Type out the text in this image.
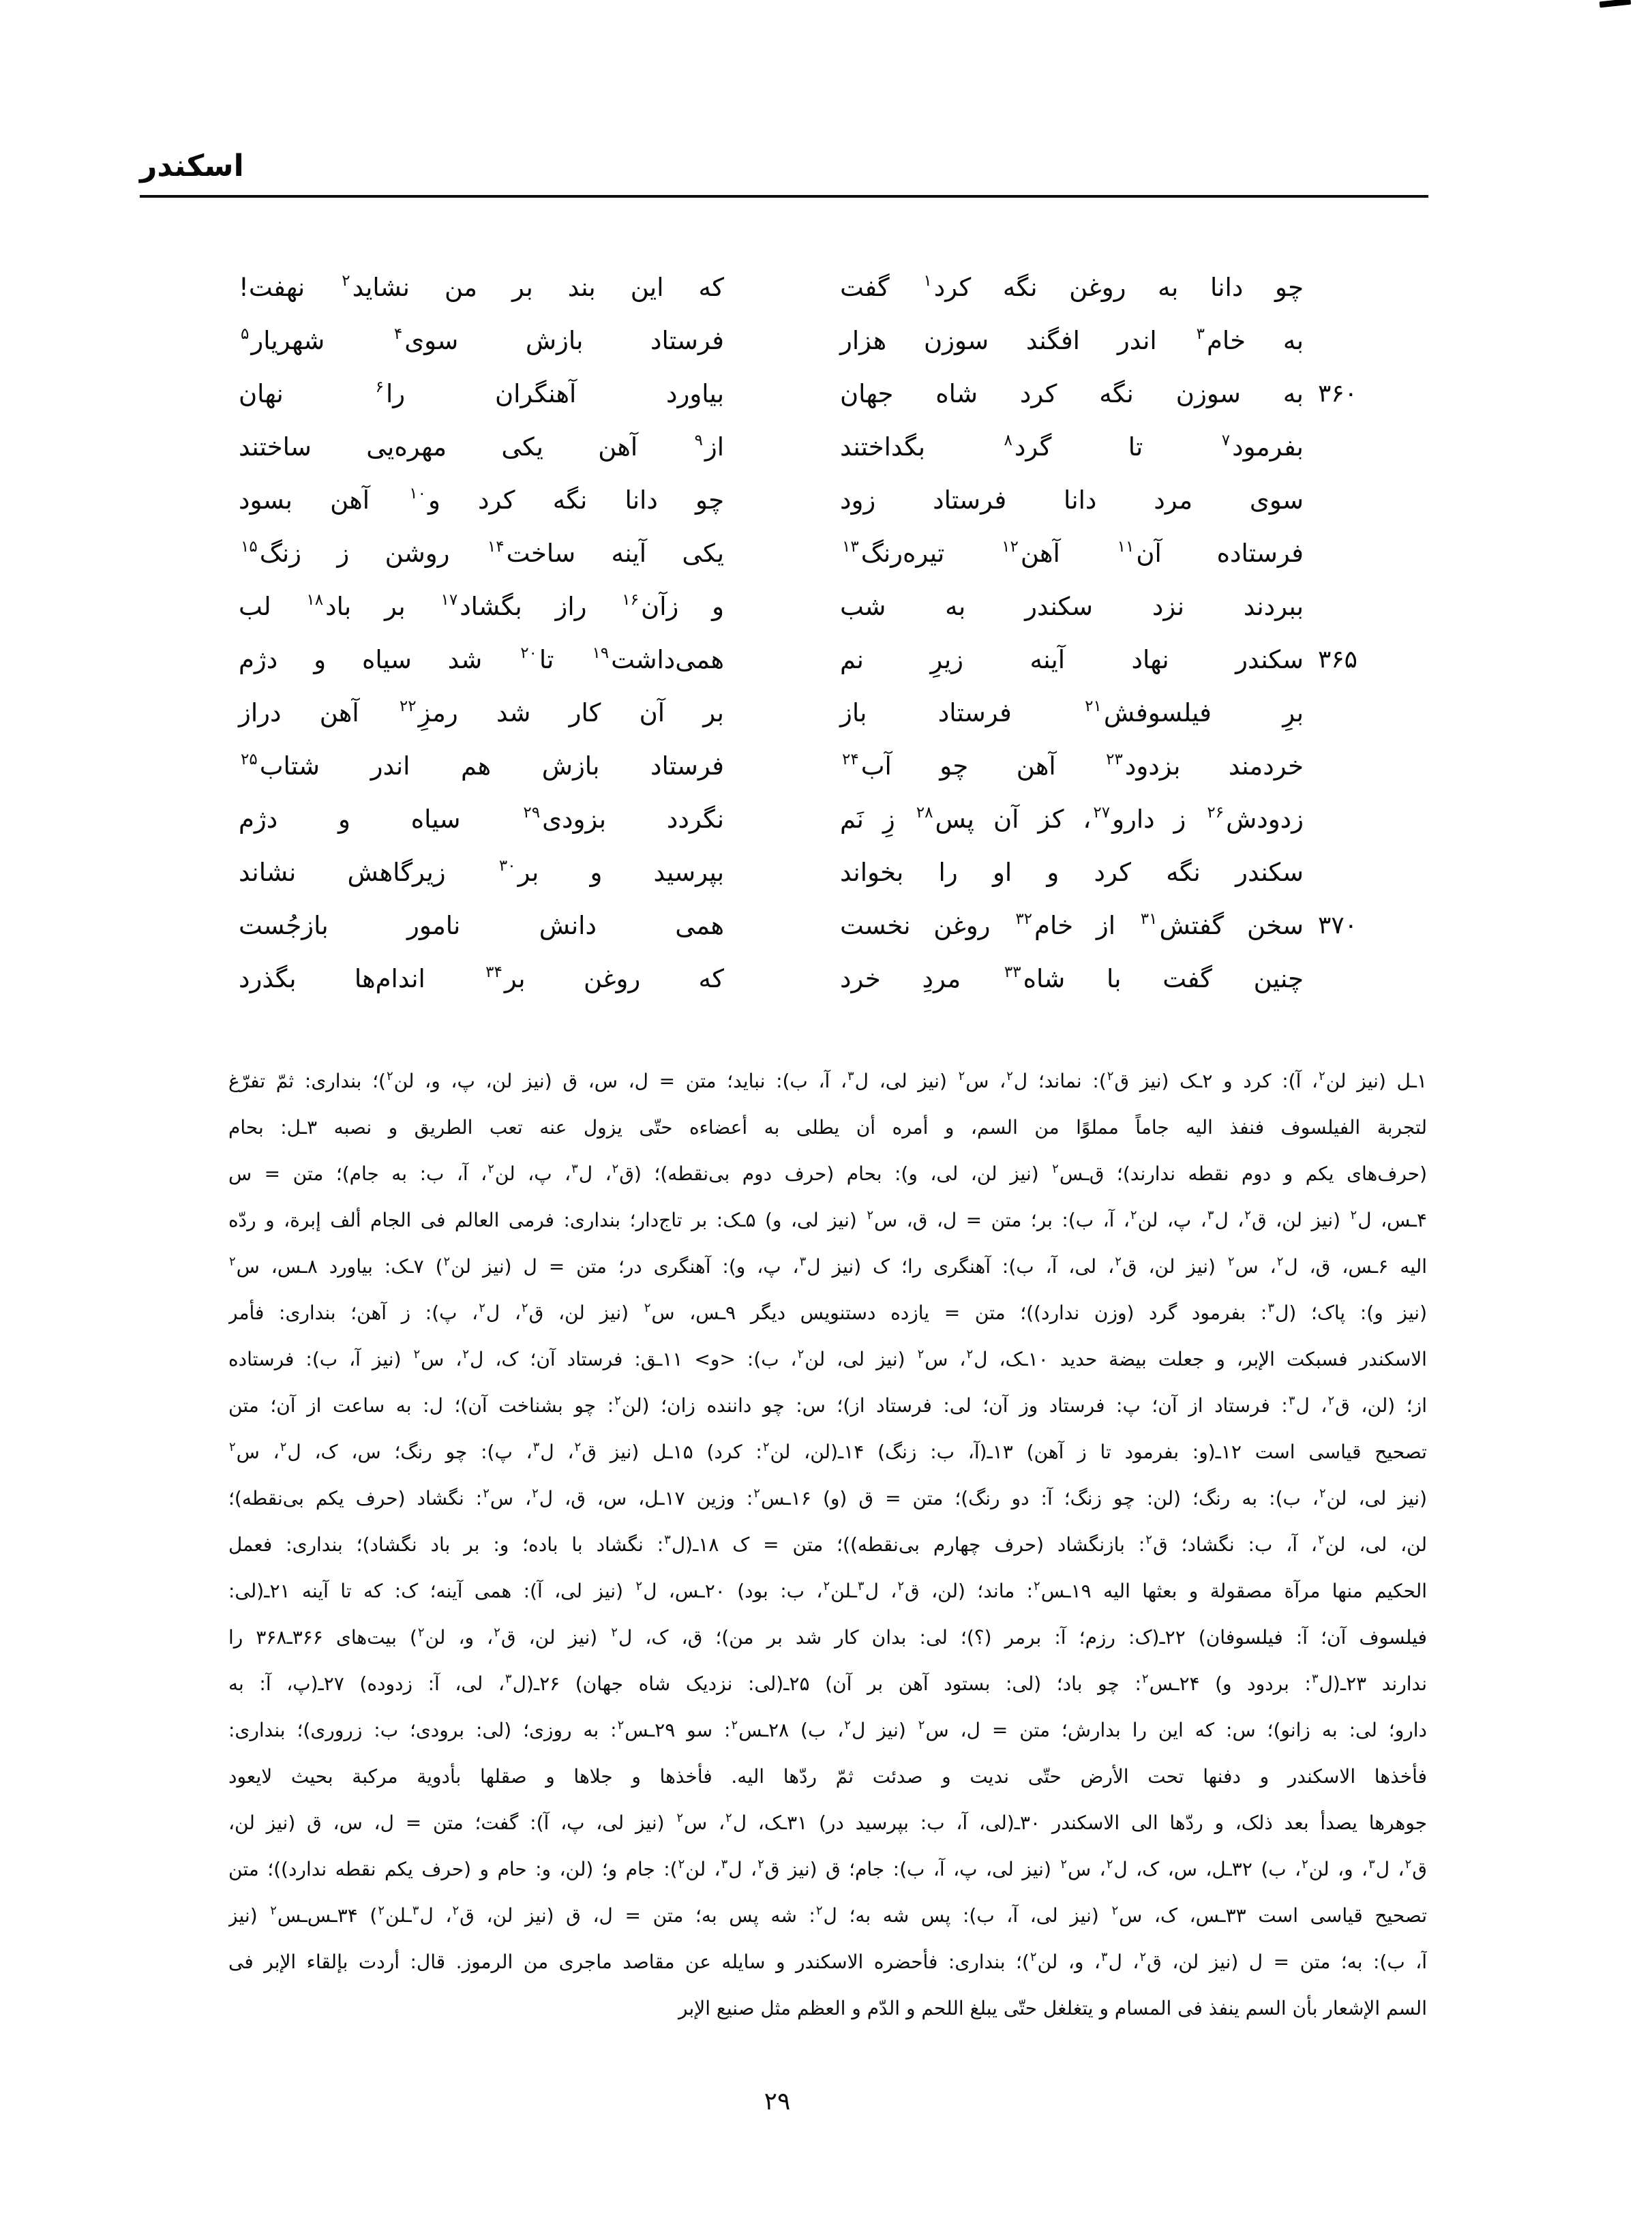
اسکندر
چو دانا به روغن نگه کرد$^۱$ گفت
که این بند بر من نشاید$^۲$ نهفت!
به خام$^۳$ اندر افگند سوزن هزار
فرستاد بازش سوی$^۴$ شهریار$^۵$
۳۶۰
به سوزن نگه کرد شاه جهان
بیاورد آهنگران را$^۶$ نهان
بفرمود$^۷$ تا گرد$^۸$ بگداختند
از$^۹$ آهن یکی مهره‌یی ساختند
سوی مرد دانا فرستاد زود
چو دانا نگه کرد و$^{۱۰}$ آهن بسود
فرستاده آن$^{۱۱}$ آهن$^{۱۲}$ تیره‌رنگ$^{۱۳}$
یکی آینه ساخت$^{۱۴}$ روشن ز زنگ$^{۱۵}$
ببردند نزد سکندر به شب
و زآن$^{۱۶}$ راز بگشاد$^{۱۷}$ بر باد$^{۱۸}$ لب
۳۶۵
سکندر نهاد آینه زیرِ نم
همی‌داشت$^{۱۹}$ تا$^{۲۰}$ شد سیاه و دژم
برِ فیلسوفش$^{۲۱}$ فرستاد باز
بر آن کار شد رمزِ$^{۲۲}$ آهن دراز
خردمند بزدود$^{۲۳}$ آهن چو آب$^{۲۴}$
فرستاد بازش هم اندر شتاب$^{۲۵}$
زدودش$^{۲۶}$ ز دارو$^{۲۷}$، کز آن پس$^{۲۸}$ زِ نَم
نگردد بزودی$^{۲۹}$ سیاه و دژم
سکندر نگه کرد و او را بخواند
بپرسید و بر$^{۳۰}$ زیرگاهش نشاند
۳۷۰
سخن گفتش$^{۳۱}$ از خام$^{۳۲}$ روغن نخست
همی دانش نامور بازجُست
چنین گفت با شاه$^{۳۳}$ مردِ خرد
که روغن بر$^{۳۴}$ اندام‌ها بگذرد
۱ـل (نیز لن$^۲$، آ): کرد و ۲ـک (نیز ق$^۲$): نماند؛ ل$^۲$، س$^۲$ (نیز لی، ل$^۳$، آ، ب): نباید؛ متن = ل، س، ق (نیز لن، پ، و، لن$^۲$)؛ بنداری: ثمّ تفرّغ
لتجربة الفیلسوف فنفذ الیه جاماً مملوًا من السم، و أمره أن یطلی به أعضاءه حتّی یزول عنه تعب الطریق و نصبه ۳ـل: بحام
(حرف‌های یکم و دوم نقطه ندارند)؛ ق‌ـس$^۲$ (نیز لن، لی، و): بحام (حرف دوم بی‌نقطه)؛ (ق$^۲$، ل$^۳$، پ، لن$^۲$، آ، ب: به جام)؛ متن = س
۴ـس، ل$^۲$ (نیز لن، ق$^۲$، ل$^۳$، پ، لن$^۲$، آ، ب): بر؛ متن = ل، ق، س$^۲$ (نیز لی، و) ۵ـک: بر تاج‌دار؛ بنداری: فرمی العالم فی الجام ألف إبرة، و ردّه
الیه ۶ـس، ق، ل$^۲$، س$^۲$ (نیز لن، ق$^۲$، لی، آ، ب): آهنگری را؛ ک (نیز ل$^۳$، پ، و): آهنگری در؛ متن = ل (نیز لن$^۲$) ۷ـک: بیاورد ۸ـس، س$^۲$
(نیز و): پاک؛ (ل$^۳$: بفرمود گرد (وزن ندارد))؛ متن = یازده دستنویس دیگر ۹ـس، س$^۲$ (نیز لن، ق$^۲$، ل$^۲$، پ): ز آهن؛ بنداری: فأمر
الاسکندر فسبکت الإبر، و جعلت بیضة حدید ۱۰ـک، ل$^۲$، س$^۲$ (نیز لی، لن$^۲$، ب): <و> ۱۱ـق: فرستاد آن؛ ک، ل$^۲$، س$^۲$ (نیز آ، ب): فرستاده
از؛ (لن، ق$^۲$، ل$^۳$: فرستاد از آن؛ پ: فرستاد وز آن؛ لی: فرستاد از)؛ س: چو داننده زان؛ (لن$^۲$: چو بشناخت آن)؛ ل: به ساعت از آن؛ متن
تصحیح قیاسی است ۱۲ـ(و: بفرمود تا ز آهن) ۱۳ـ(آ، ب: زنگ) ۱۴ـ(لن، لن$^۲$: کرد) ۱۵ـل (نیز ق$^۲$، ل$^۳$، پ): چو رنگ؛ س، ک، ل$^۲$، س$^۲$
(نیز لی، لن$^۲$، ب): به رنگ؛ (لن: چو زنگ؛ آ: دو رنگ)؛ متن = ق (و) ۱۶ـس$^۲$: وزین ۱۷ـل، س، ق، ل$^۲$، س$^۲$: نگشاد (حرف یکم بی‌نقطه)؛
لن، لی، لن$^۲$، آ، ب: نگشاد؛ ق$^۲$: بازنگشاد (حرف چهارم بی‌نقطه))؛ متن = ک ۱۸ـ(ل$^۳$: نگشاد با باده؛ و: بر باد نگشاد)؛ بنداری: فعمل
الحکیم منها مرآة مصقولة و بعثها الیه ۱۹ـس$^۲$: ماند؛ (لن، ق$^۲$، ل$^۳$ـلن$^۲$، ب: بود) ۲۰ـس، ل$^۲$ (نیز لی، آ): همی آینه؛ ک: که تا آینه ۲۱ـ(لی:
فیلسوف آن؛ آ: فیلسوفان) ۲۲ـ(ک: رزم؛ آ: برمر (؟)؛ لی: بدان کار شد بر من)؛ ق، ک، ل$^۲$ (نیز لن، ق$^۲$، و، لن$^۲$) بیت‌های ۳۶۶ـ۳۶۸ را
ندارند ۲۳ـ(ل$^۳$: بردود و) ۲۴ـس$^۲$: چو باد؛ (لی: بستود آهن بر آن) ۲۵ـ(لی: نزدیک شاه جهان) ۲۶ـ(ل$^۳$، لی، آ: زدوده) ۲۷ـ(پ، آ: به
دارو؛ لی: به زانو)؛ س: که این را بدارش؛ متن = ل، س$^۲$ (نیز ل$^۲$، ب) ۲۸ـس$^۲$: سو ۲۹ـس$^۲$: به روزی؛ (لی: برودی؛ ب: زروری)؛ بنداری:
فأخذها الاسکندر و دفنها تحت الأرض حتّی ندیت و صدئت ثمّ ردّها الیه. فأخذها و جلاها و صقلها بأدویة مرکبة بحیث لایعود
جوهرها یصدأ بعد ذلک، و ردّها الی الاسکندر ۳۰ـ(لی، آ، ب: بپرسید در) ۳۱ـک، ل$^۲$، س$^۲$ (نیز لی، پ، آ): گفت؛ متن = ل، س، ق (نیز لن،
ق$^۲$، ل$^۳$، و، لن$^۲$، ب) ۳۲ـل، س، ک، ل$^۲$، س$^۲$ (نیز لی، پ، آ، ب): جام؛ ق (نیز ق$^۲$، ل$^۳$، لن$^۲$): جام و؛ (لن، و: حام و (حرف یکم نقطه ندارد))؛ متن
تصحیح قیاسی است ۳۳ـس، ک، س$^۲$ (نیز لی، آ، ب): پس شه به؛ ل$^۲$: شه پس به؛ متن = ل، ق (نیز لن، ق$^۲$، ل$^۳$ـلن$^۲$) ۳۴ـس‌ـس$^۲$ (نیز
آ، ب): به؛ متن = ل (نیز لن، ق$^۲$، ل$^۳$، و، لن$^۲$)؛ بنداری: فأحضره الاسکندر و سایله عن مقاصد ماجری من الرموز. قال: أردت بإلقاء الإبر فی
السم الإشعار بأن السم ینفذ فی المسام و یتغلغل حتّی یبلغ اللحم و الدّم و العظم مثل صنیع الإبر
۲۹
